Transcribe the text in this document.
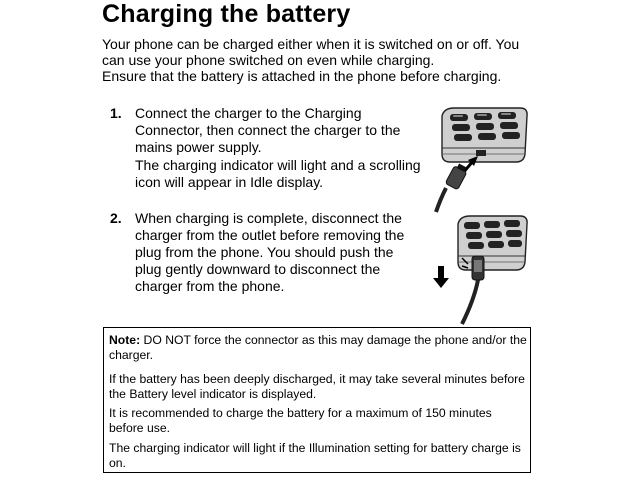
Charging the battery
Your phone can be charged either when it is switched on or off. You can use your phone switched on even while charging.
Ensure that the battery is attached in the phone before charging.
1. Connect the charger to the Charging Connector, then connect the charger to the mains power supply.
The charging indicator will light and a scrolling icon will appear in Idle display.
2. When charging is complete, disconnect the charger from the outlet before removing the plug from the phone. You should push the plug gently downward to disconnect the charger from the phone.
Note: DO NOT force the connector as this may damage the phone and/or the charger.
If the battery has been deeply discharged, it may take several minutes before the Battery level indicator is displayed.
It is recommended to charge the battery for a maximum of 150 minutes before use.
The charging indicator will light if the Illumination setting for battery charge is on.
